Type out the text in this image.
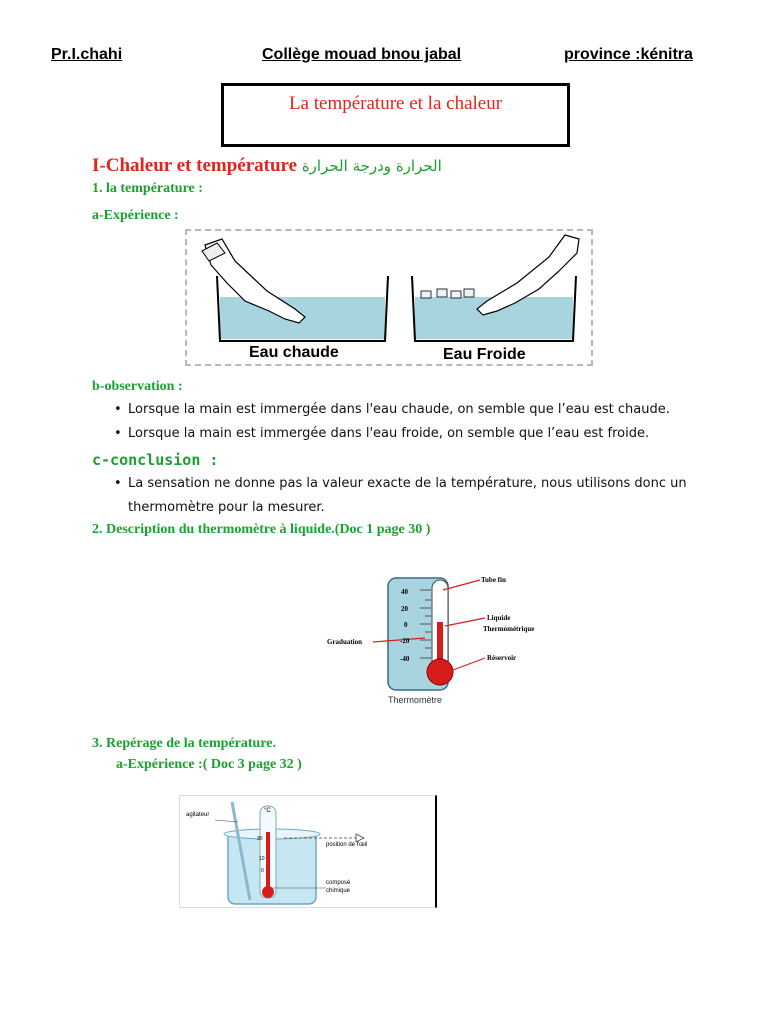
Pr.I.chahi	Collège mouad bnou jabal	province :kénitra
La température et la chaleur
I-Chaleur et température الحرارة ودرجة الحرارة
1. la température :
a-Expérience :
Eau chaude	Eau Froide
b-observation :
• Lorsque la main est immergée dans l'eau chaude, on semble que l’eau est chaude.
• Lorsque la main est immergée dans l'eau froide, on semble que l’eau est froide.
c-conclusion :
• La sensation ne donne pas la valeur exacte de la température, nous utilisons donc un
thermomètre pour la mesurer.
2. Description du thermomètre à liquide.(Doc 1 page 30 )
40
20
0
-20
-40
Tube fin
Liquide
Thermométrique
Graduation
Réservoir
Thermomètre
3. Repérage de la température.
a-Expérience :( Doc 3 page 32 )
agitateur
°C
30
10
0
position de l'œil
composé
chimique
